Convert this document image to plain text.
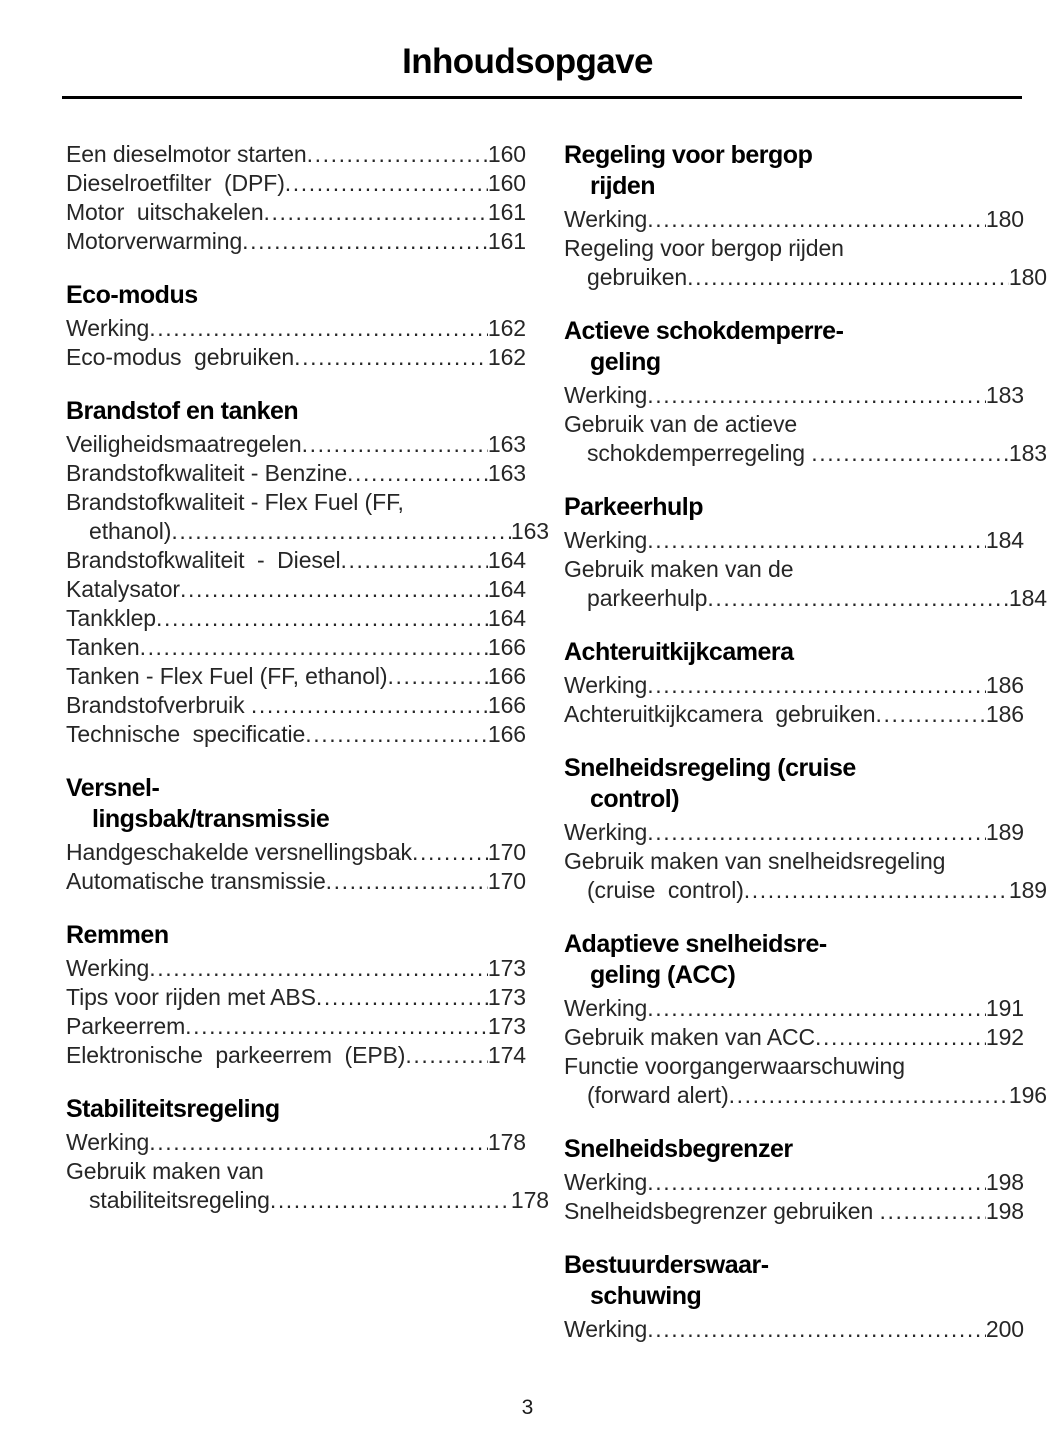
Inhoudsopgave
Een dieselmotor starten .....	160
Dieselroetfilter  (DPF) .....	160
Motor  uitschakelen .....	161
Motorverwarming .....	161
Eco-modus
Werking .....	162
Eco-modus  gebruiken .....	162
Brandstof en tanken
Veiligheidsmaatregelen .....	163
Brandstofkwaliteit - Benzine .....	163
Brandstofkwaliteit - Flex Fuel (FF,
ethanol) .....	163
Brandstofkwaliteit  -  Diesel .....	164
Katalysator .....	164
Tankklep .....	164
Tanken .....	166
Tanken - Flex Fuel (FF, ethanol) .....	166
Brandstofverbruik .....	166
Technische  specificatie .....	166
Versnel-
lingsbak/transmissie
Handgeschakelde versnellingsbak .....	170
Automatische transmissie .....	170
Remmen
Werking .....	173
Tips voor rijden met ABS .....	173
Parkeerrem .....	173
Elektronische  parkeerrem  (EPB) .....	174
Stabiliteitsregeling
Werking .....	178
Gebruik maken van
stabiliteitsregeling .....	178
Regeling voor bergop
rijden
Werking .....	180
Regeling voor bergop rijden
gebruiken .....	180
Actieve schokdemperre-
geling
Werking .....	183
Gebruik van de actieve
schokdemperregeling .....	183
Parkeerhulp
Werking .....	184
Gebruik maken van de
parkeerhulp .....	184
Achteruitkijkcamera
Werking .....	186
Achteruitkijkcamera  gebruiken .....	186
Snelheidsregeling (cruise
control)
Werking .....	189
Gebruik maken van snelheidsregeling
(cruise  control) .....	189
Adaptieve snelheidsre-
geling (ACC)
Werking .....	191
Gebruik maken van ACC .....	192
Functie voorgangerwaarschuwing
(forward alert) .....	196
Snelheidsbegrenzer
Werking .....	198
Snelheidsbegrenzer gebruiken .....	198
Bestuurderswaar-
schuwing
Werking .....	200
3
